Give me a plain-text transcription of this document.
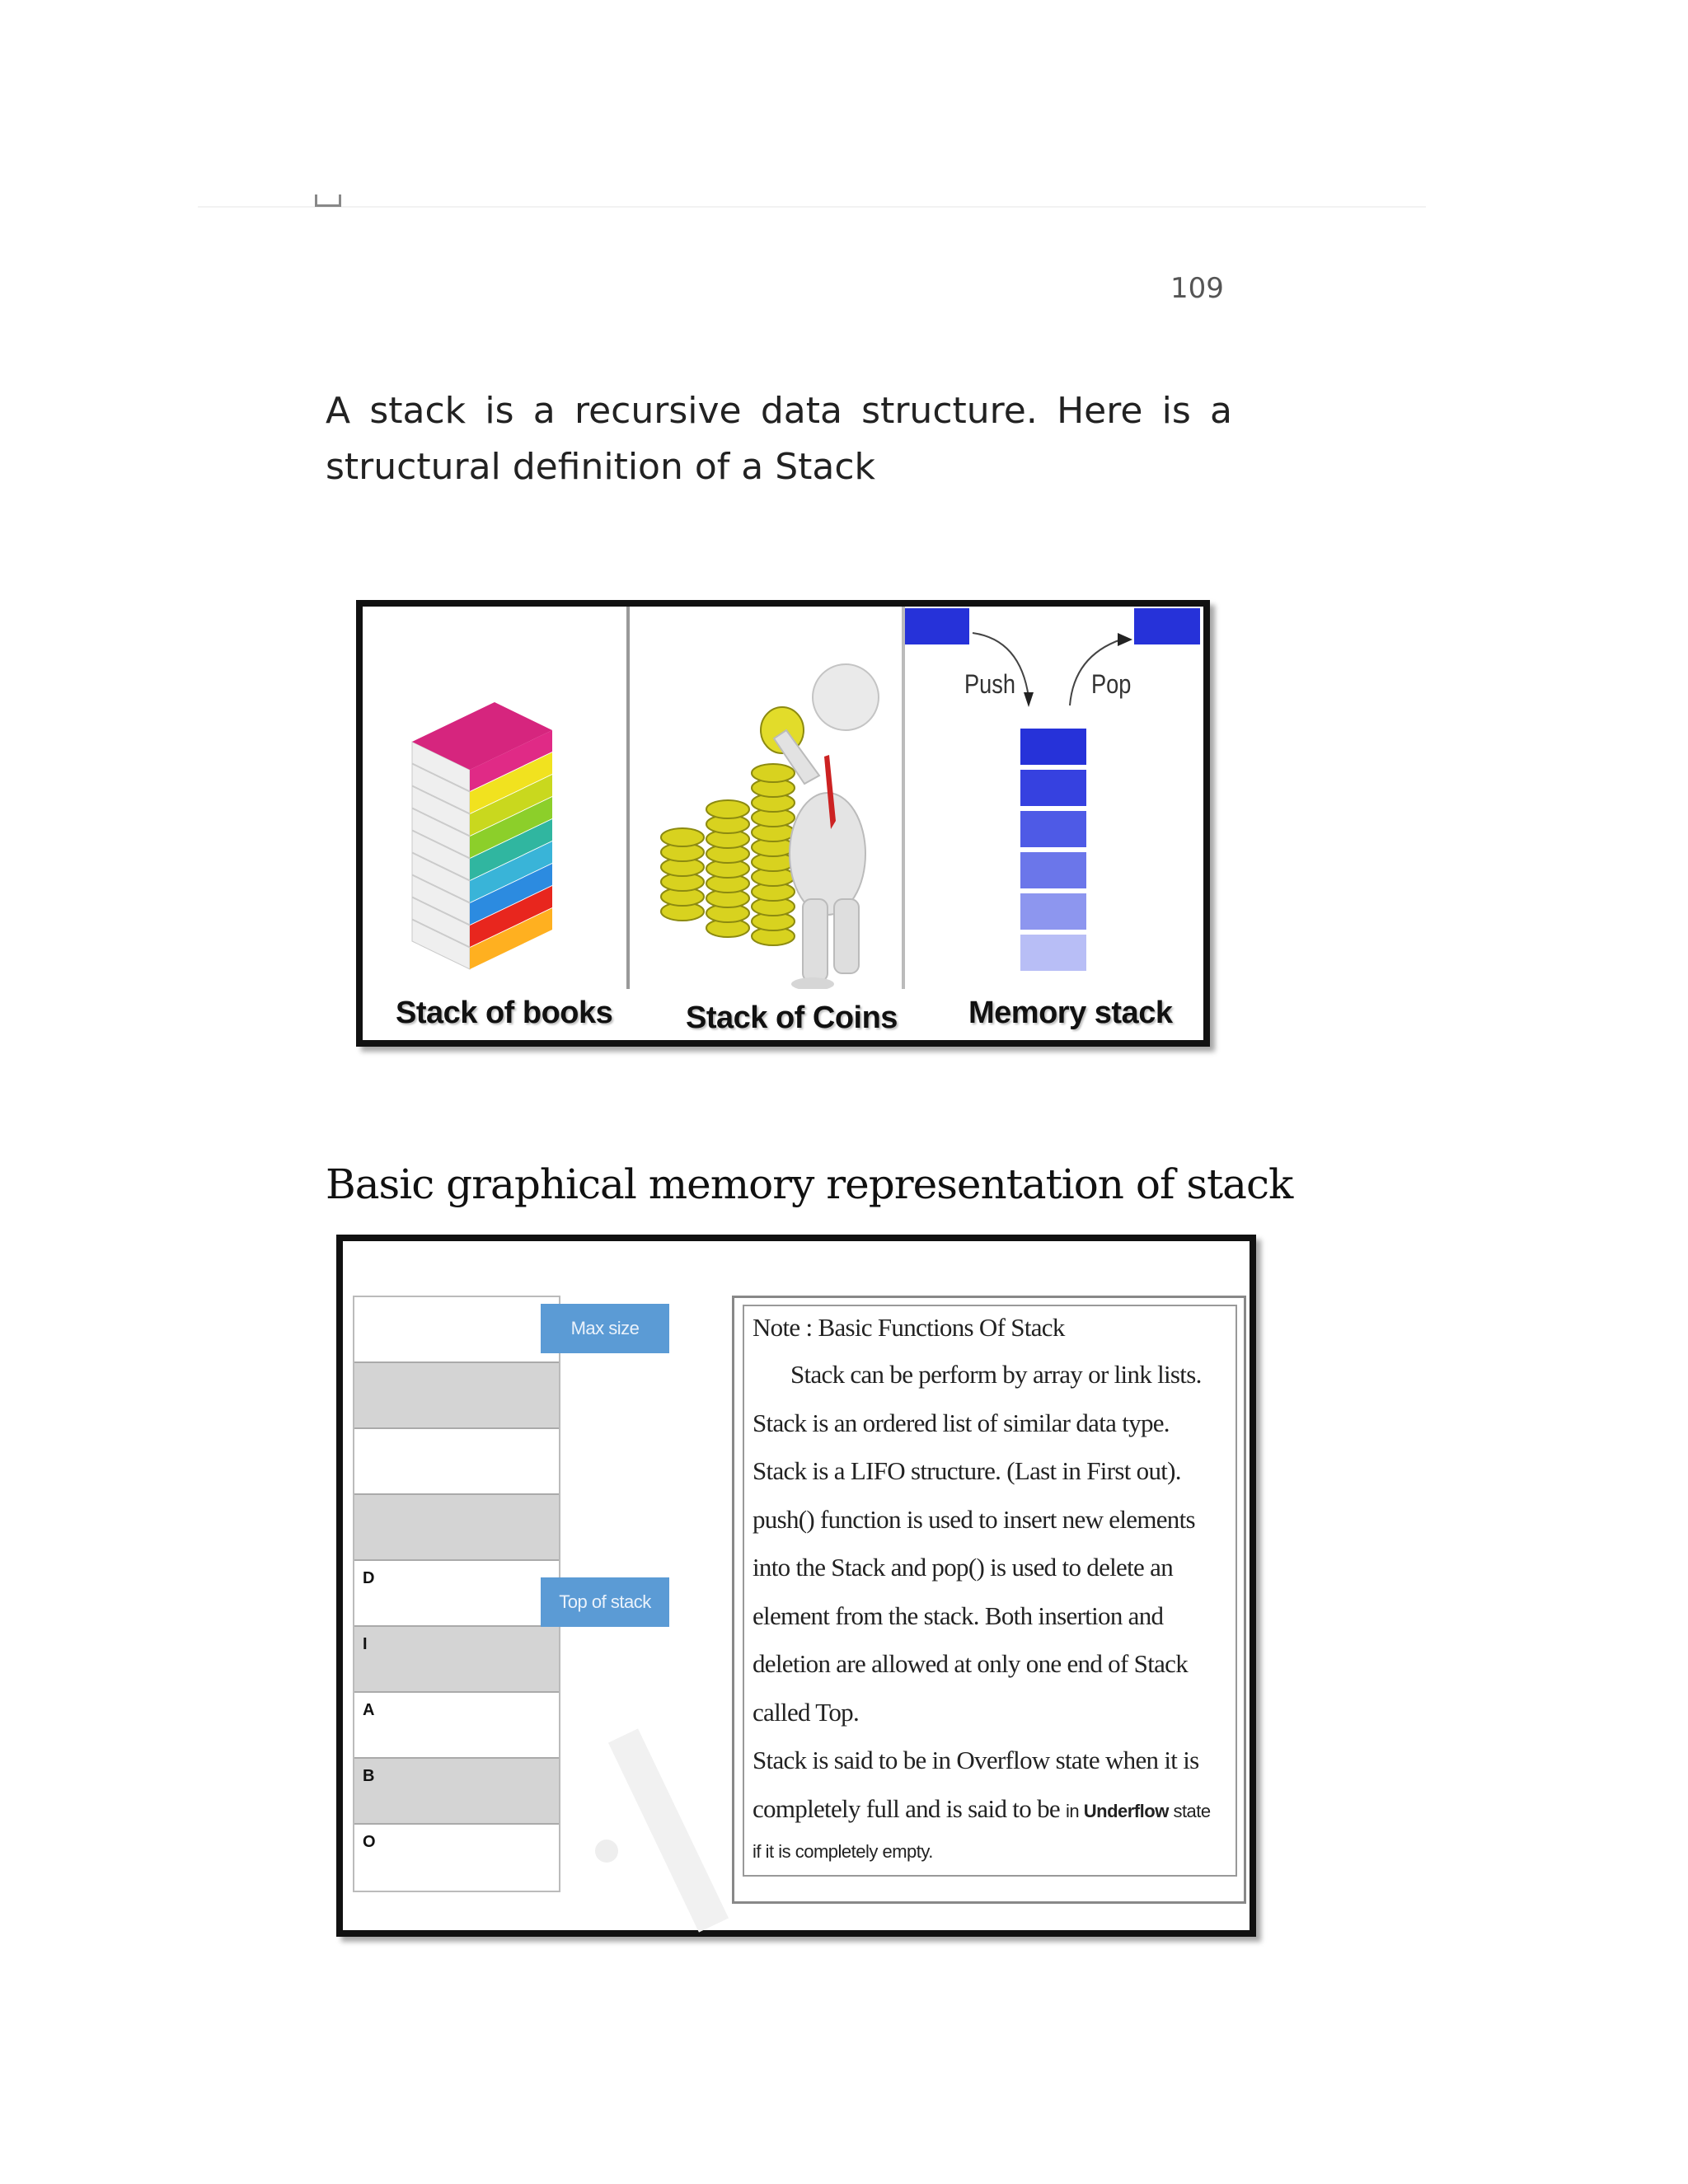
109
A stack is a recursive data structure. Here is a structural definition of a Stack
Push	Pop
Stack of books Stack of Coins Memory stack
Basic graphical memory representation of stack
D
I
A
B
O
Max size
Top of stack
Note : Basic Functions Of Stack
Stack can be perform by array or link lists.
Stack is an ordered list of similar data type.
Stack is a LIFO structure. (Last in First out).
push() function is used to insert new elements
into the Stack and pop() is used to delete an
element from the stack. Both insertion and
deletion are allowed at only one end of Stack
called Top.
Stack is said to be in Overflow state when it is
completely full and is said to be in Underflow state
if it is completely empty.
